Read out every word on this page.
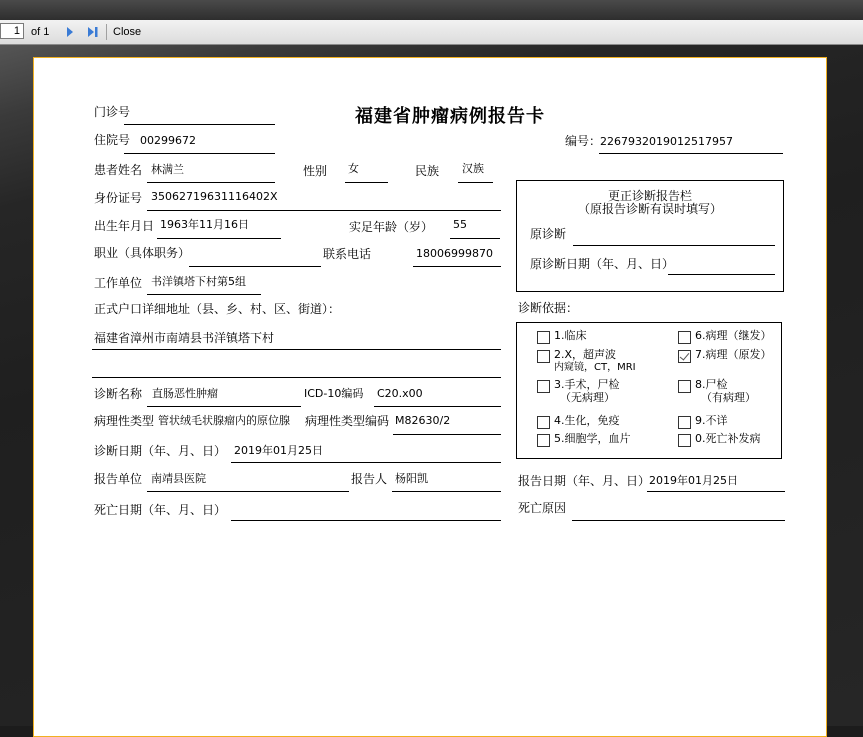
1
of 1	Close
福建省肿瘤病例报告卡
门诊号
住院号 00299672	编号：
2267932019012517957
患者姓名 林满兰	性别 女	民族 汉族
身份证号 35062719631116402X
出生年月日 1963年11月16日	实足年龄（岁） 55
职业（具体职务）	联系电话	18006999870
工作单位 书洋镇塔下村第5组
正式户口详细地址（县、乡、村、区、街道）：
福建省漳州市南靖县书洋镇塔下村
诊断名称 直肠恶性肿瘤	ICD-10编码 C20.x00
病理性类型 管状绒毛状腺瘤内的原位腺	病理性类型编码 M82630/2
诊断日期（年、月、日） 2019年01月25日
报告单位 南靖县医院	报告人 杨阳凯	报告日期（年、月、日）
2019年01月25日
死亡日期（年、月、日）	死亡原因
更正诊断报告栏
（原报告诊断有误时填写）
原诊断
原诊断日期（年、月、日）
诊断依据：
1.临床
2.X，超声波
内窥镜，CT，MRI
3.手术，尸检
（无病理）
4.生化，免疫
5.细胞学，血片
6.病理（继发）
7.病理（原发）
8.尸检
（有病理）
9.不详
0.死亡补发病
